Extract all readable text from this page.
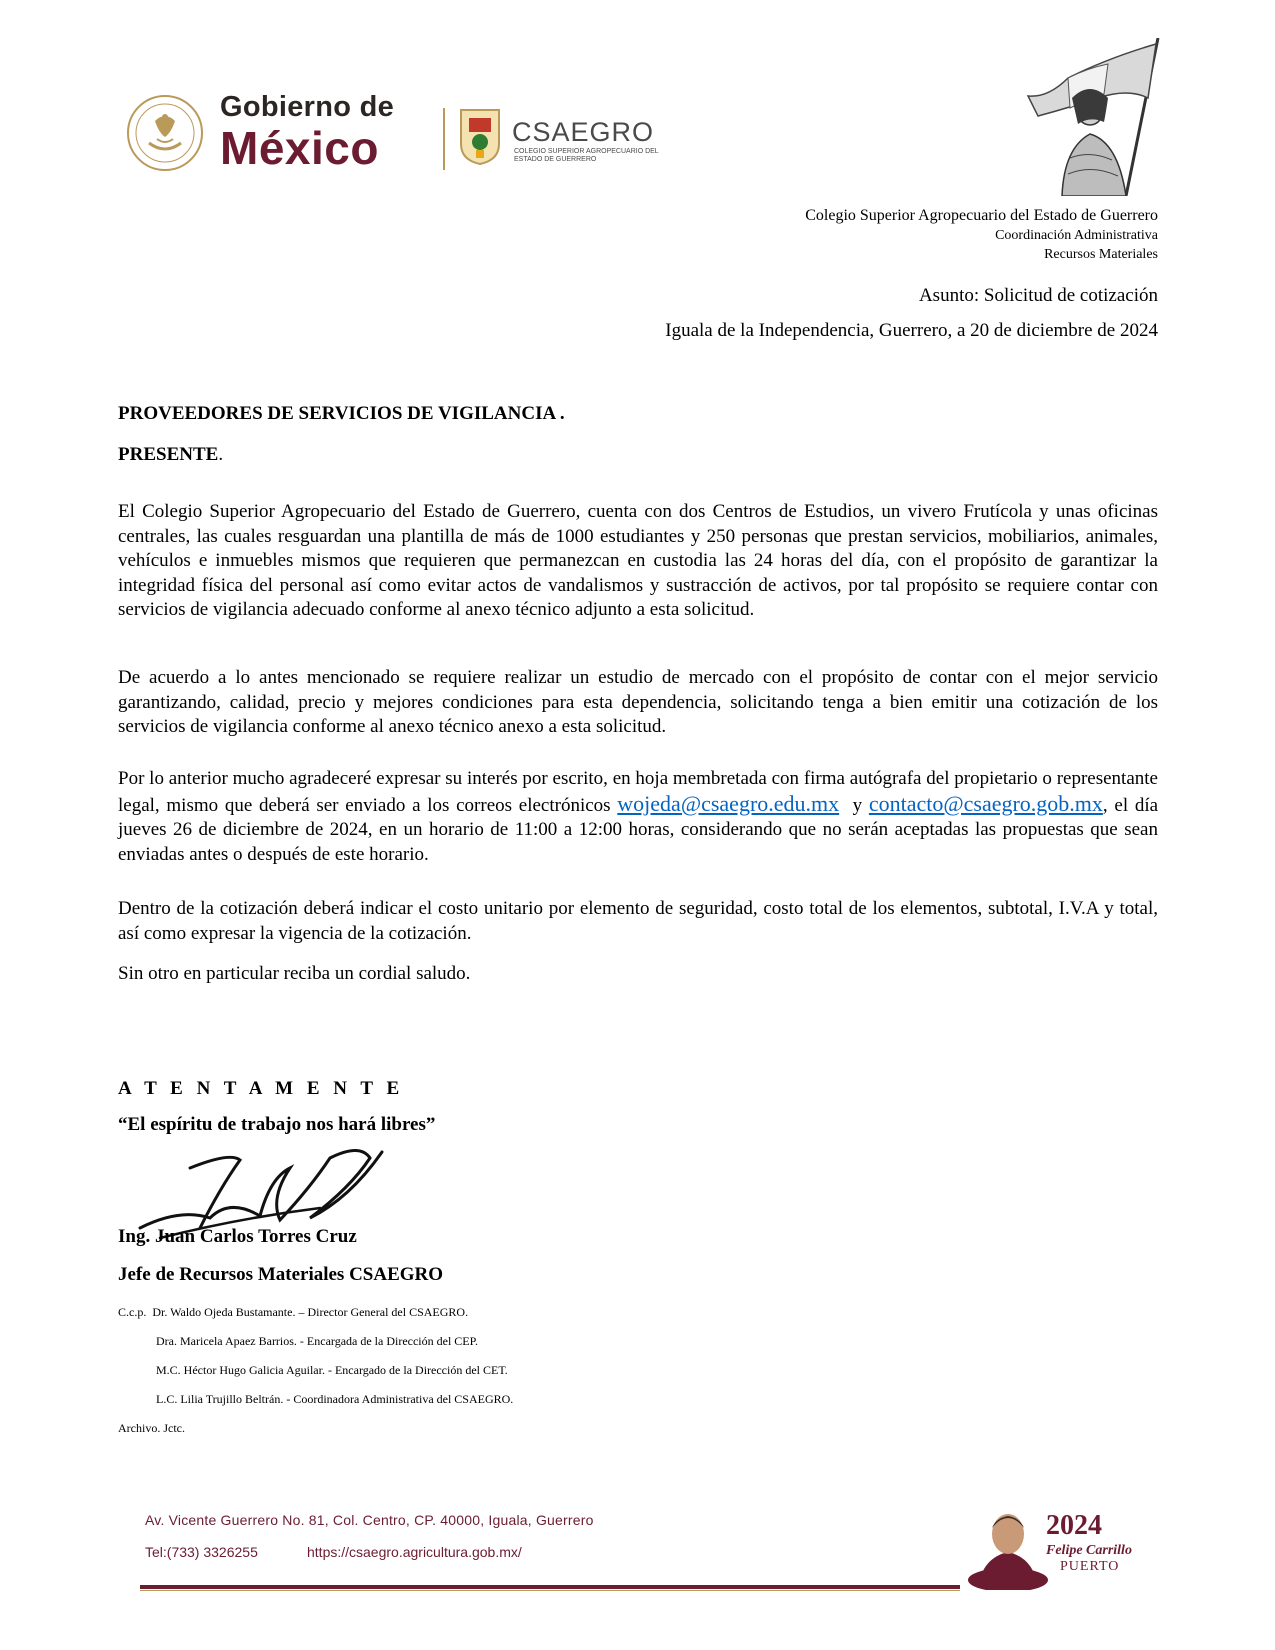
Gobierno de
México	CSAEGRO
COLEGIO SUPERIOR AGROPECUARIO DEL ESTADO DE GUERRERO
Colegio Superior Agropecuario del Estado de Guerrero
Coordinación Administrativa
Recursos Materiales
Asunto: Solicitud de cotización
Iguala de la Independencia, Guerrero, a 20 de diciembre de 2024
PROVEEDORES DE SERVICIOS DE VIGILANCIA .
PRESENTE.

El Colegio Superior Agropecuario del Estado de Guerrero, cuenta con dos Centros de Estudios, un vivero Frutícola y unas oficinas centrales, las cuales resguardan una plantilla de más de 1000 estudiantes y 250 personas que prestan servicios, mobiliarios, animales, vehículos e inmuebles mismos que requieren que permanezcan en custodia las 24 horas del día, con el propósito de garantizar la integridad física del personal así como evitar actos de vandalismos y sustracción de activos, por tal propósito se requiere contar con servicios de vigilancia adecuado conforme al anexo técnico adjunto a esta solicitud.

De acuerdo a lo antes mencionado se requiere realizar un estudio de mercado con el propósito de contar con el mejor servicio garantizando, calidad, precio y mejores condiciones para esta dependencia, solicitando tenga a bien emitir una cotización de los servicios de vigilancia conforme al anexo técnico anexo a esta solicitud.

Por lo anterior mucho agradeceré expresar su interés por escrito, en hoja membretada con firma autógrafa del propietario o representante legal, mismo que deberá ser enviado a los correos electrónicos wojeda@csaegro.edu.mx y contacto@csaegro.gob.mx, el día jueves 26 de diciembre de 2024, en un horario de 11:00 a 12:00 horas, considerando que no serán aceptadas las propuestas que sean enviadas antes o después de este horario.

Dentro de la cotización deberá indicar el costo unitario por elemento de seguridad, costo total de los elementos, subtotal, I.V.A y total, así como expresar la vigencia de la cotización.

Sin otro en particular reciba un cordial saludo.

A T E N T A M E N T E
“El espíritu de trabajo nos hará libres”
Ing. Juan Carlos Torres Cruz
Jefe de Recursos Materiales CSAEGRO
C.c.p. Dr. Waldo Ojeda Bustamante. – Director General del CSAEGRO.
Dra. Maricela Apaez Barrios. - Encargada de la Dirección del CEP.
M.C. Héctor Hugo Galicia Aguilar. - Encargado de la Dirección del CET.
L.C. Lilia Trujillo Beltrán. - Coordinadora Administrativa del CSAEGRO.
Archivo. Jctc.
Av. Vicente Guerrero No. 81, Col. Centro, CP. 40000, Iguala, Guerrero
Tel:(733) 3326255	https://csaegro.agricultura.gob.mx/
2024
Felipe Carrillo
PUERTO
